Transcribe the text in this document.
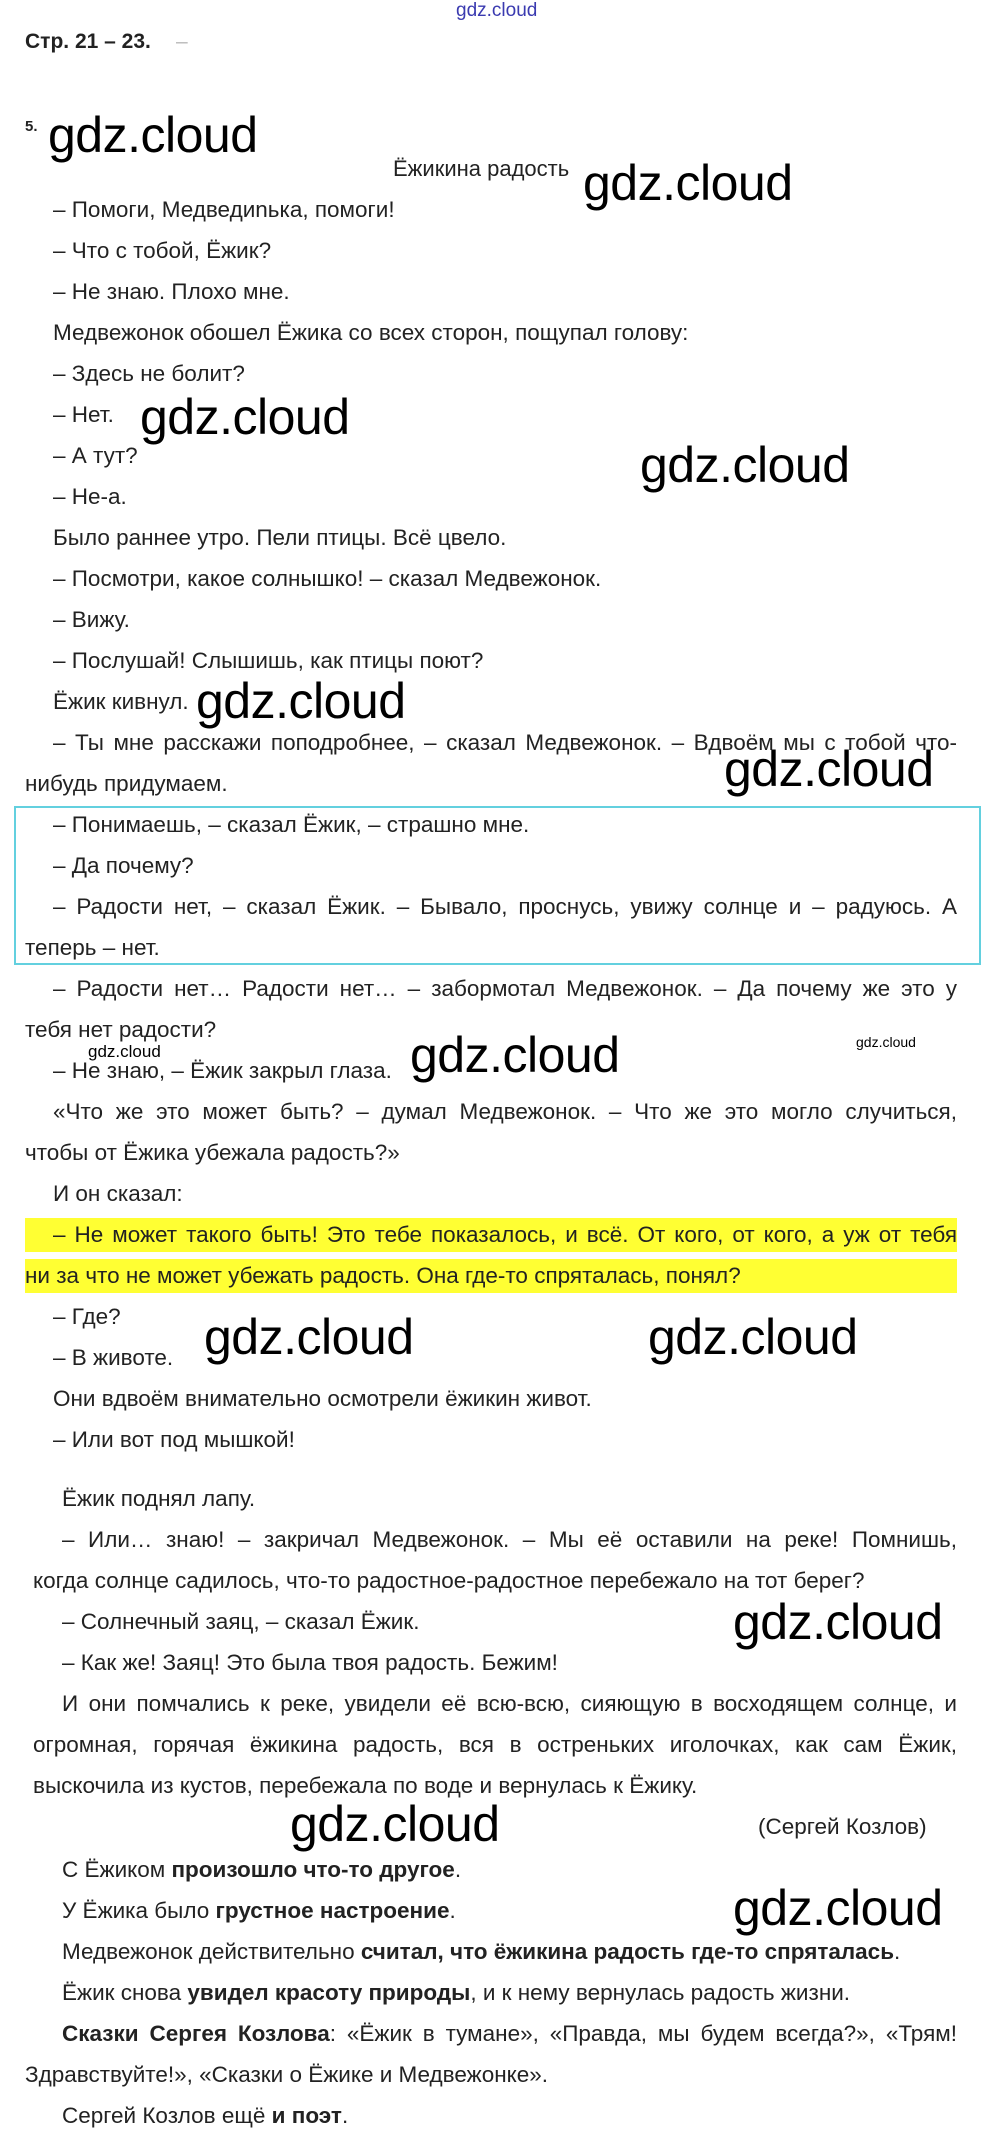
gdz.cloud
Стр. 21 – 23. –
5.
Ёжикина радость
– Помоги, Медведиnька, помоги!
– Что с тобой, Ёжик?
– Не знаю. Плохо мне.
Медвежонок обошел Ёжика со всех сторон, пощупал голову:
– Здесь не болит?
– Нет.
– А тут?
– Не-а.
Было раннее утро. Пели птицы. Всё цвело.
– Посмотри, какое солнышко! – сказал Медвежонок.
– Вижу.
– Послушай! Слышишь, как птицы поют?
Ёжик кивнул.
– Ты мне расскажи поподробнее, – сказал Медвежонок. – Вдвоём мы с тобой что-
нибудь придумаем.
– Понимаешь, – сказал Ёжик, – страшно мне.
– Да почему?
– Радости нет, – сказал Ёжик. – Бывало, проснусь, увижу солнце и – радуюсь. А
теперь – нет.
– Радости нет… Радости нет… – забормотал Медвежонок. – Да почему же это у
тебя нет радости?
– Не знаю, – Ёжик закрыл глаза.
«Что же это может быть? – думал Медвежонок. – Что же это могло случиться,
чтобы от Ёжика убежала радость?»
И он сказал:
– Не может такого быть! Это тебе показалось, и всё. От кого, от кого, а уж от тебя
ни за что не может убежать радость. Она где-то спряталась, понял?
– Где?
– В животе.
Они вдвоём внимательно осмотрели ёжикин живот.
– Или вот под мышкой!
Ёжик поднял лапу.
– Или… знаю! – закричал Медвежонок. – Мы её оставили на реке! Помнишь,
когда солнце садилось, что-то радостное-радостное перебежало на тот берег?
– Солнечный заяц, – сказал Ёжик.
– Как же! Заяц! Это была твоя радость. Бежим!
И они помчались к реке, увидели её всю-всю, сияющую в восходящем солнце, и
огромная, горячая ёжикина радость, вся в остреньких иголочках, как сам Ёжик,
выскочила из кустов, перебежала по воде и вернулась к Ёжику.
(Сергей Козлов)
С Ёжиком произошло что-то другое.
У Ёжика было грустное настроение.
Медвежонок действительно считал, что ёжикина радость где-то спряталась.
Ёжик снова увидел красоту природы, и к нему вернулась радость жизни.
Сказки Сергея Козлова: «Ёжик в тумане», «Правда, мы будем всегда?», «Трям!
Здравствуйте!», «Сказки о Ёжике и Медвежонке».
Сергей Козлов ещё и поэт.
gdz.cloud
gdz.cloud
gdz.cloud
gdz.cloud
gdz.cloud
gdz.cloud
gdz.cloud
gdz.cloud	gdz.cloud
gdz.cloud	gdz.cloud
gdz.cloud
gdz.cloud
gdz.cloud
